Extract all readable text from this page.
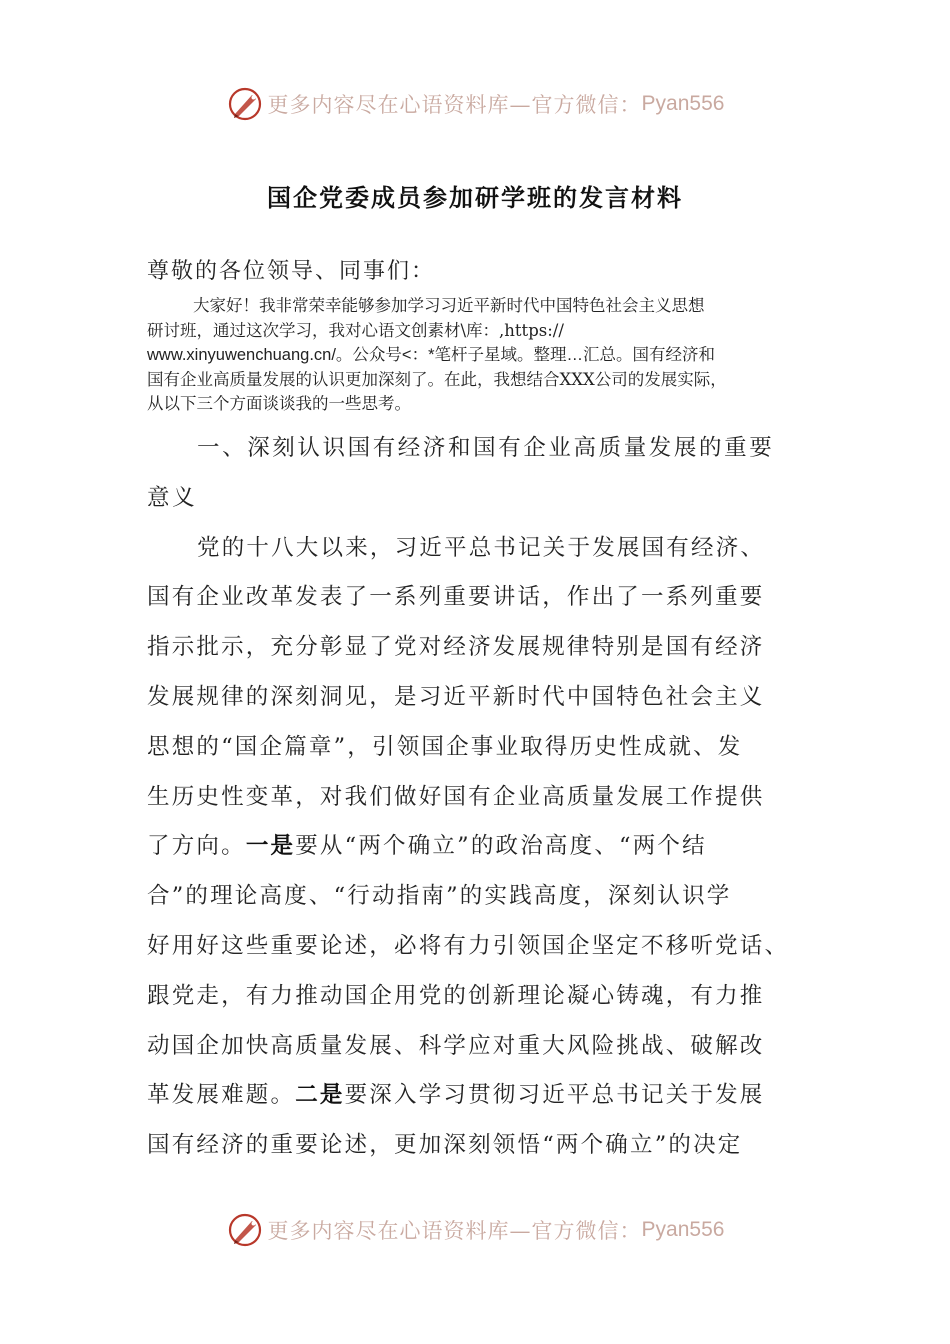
更多内容尽在心语资料库—官方微信： Pyan556
国企党委成员参加研学班的发言材料
尊敬的各位领导、同事们：
大家好！我非常荣幸能够参加学习习近平新时代中国特色社会主义思想
研讨班，通过这次学习，我对心语文创素材\库：,https://
www.xinyuwenchuang.cn/。公众号<：*笔杆子星域。整理…汇总。国有经济和
国有企业高质量发展的认识更加深刻了。在此，我想结合XXX公司的发展实际，
从以下三个方面谈谈我的一些思考。
一、深刻认识国有经济和国有企业高质量发展的重要
意义
党的十八大以来，习近平总书记关于发展国有经济、
国有企业改革发表了一系列重要讲话，作出了一系列重要
指示批示，充分彰显了党对经济发展规律特别是国有经济
发展规律的深刻洞见，是习近平新时代中国特色社会主义
思想的“国企篇章”，引领国企事业取得历史性成就、发
生历史性变革，对我们做好国有企业高质量发展工作提供
了方向。一是要从“两个确立”的政治高度、“两个结
合”的理论高度、“行动指南”的实践高度，深刻认识学
好用好这些重要论述，必将有力引领国企坚定不移听党话、
跟党走，有力推动国企用党的创新理论凝心铸魂，有力推
动国企加快高质量发展、科学应对重大风险挑战、破解改
革发展难题。二是要深入学习贯彻习近平总书记关于发展
国有经济的重要论述，更加深刻领悟“两个确立”的决定
更多内容尽在心语资料库—官方微信： Pyan556
